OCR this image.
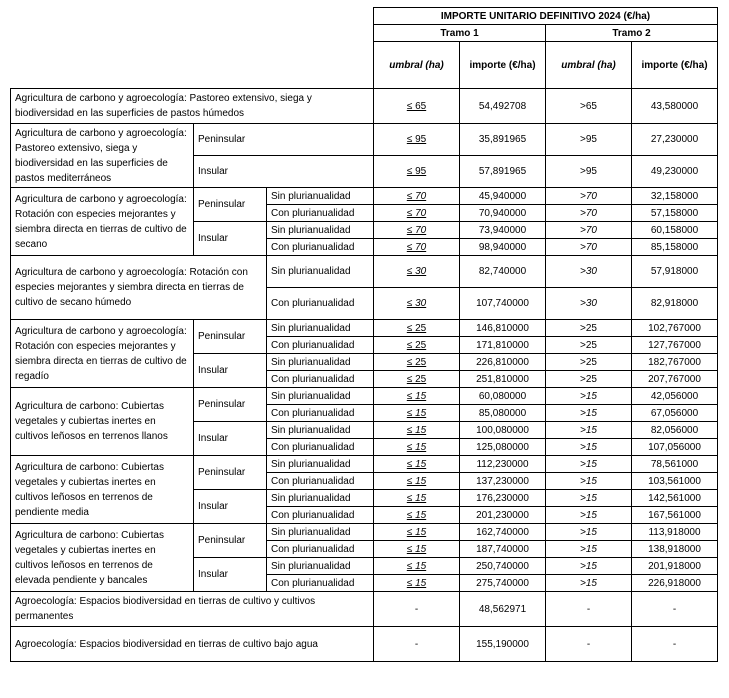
			IMPORTE UNITARIO DEFINITIVO 2024 (€/ha)			
			Tramo 1		Tramo 2	
			umbral (ha)	importe (€/ha)	umbral (ha)	importe (€/ha)
Agricultura de carbono y agroecología: Pastoreo extensivo, siega y biodiversidad en las superficies de pastos húmedos			≤ 65	54,492708	>65	43,580000
Agricultura de carbono y agroecología: Pastoreo extensivo, siega y biodiversidad en las superficies de pastos mediterráneos	Peninsular		≤ 95	35,891965	>95	27,230000
	Insular		≤ 95	57,891965	>95	49,230000
Agricultura de carbono y agroecología: Rotación con especies mejorantes y siembra directa en tierras de cultivo de secano	Peninsular	Sin plurianualidad	≤ 70	45,940000	>70	32,158000
		Con plurianualidad	≤ 70	70,940000	>70	57,158000
	Insular	Sin plurianualidad	≤ 70	73,940000	>70	60,158000
		Con plurianualidad	≤ 70	98,940000	>70	85,158000
Agricultura de carbono y agroecología: Rotación con especies mejorantes y siembra directa en tierras de cultivo de secano húmedo		Sin plurianualidad	≤ 30	82,740000	>30	57,918000
		Con plurianualidad	≤ 30	107,740000	>30	82,918000
Agricultura de carbono y agroecología: Rotación con especies mejorantes y siembra directa en tierras de cultivo de regadío	Peninsular	Sin plurianualidad	≤ 25	146,810000	>25	102,767000
		Con plurianualidad	≤ 25	171,810000	>25	127,767000
	Insular	Sin plurianualidad	≤ 25	226,810000	>25	182,767000
		Con plurianualidad	≤ 25	251,810000	>25	207,767000
Agricultura de carbono: Cubiertas vegetales y cubiertas inertes en cultivos leñosos en terrenos llanos	Peninsular	Sin plurianualidad	≤ 15	60,080000	>15	42,056000
		Con plurianualidad	≤ 15	85,080000	>15	67,056000
	Insular	Sin plurianualidad	≤ 15	100,080000	>15	82,056000
		Con plurianualidad	≤ 15	125,080000	>15	107,056000
Agricultura de carbono: Cubiertas vegetales y cubiertas inertes en cultivos leñosos en terrenos de pendiente media	Peninsular	Sin plurianualidad	≤ 15	112,230000	>15	78,561000
		Con plurianualidad	≤ 15	137,230000	>15	103,561000
	Insular	Sin plurianualidad	≤ 15	176,230000	>15	142,561000
		Con plurianualidad	≤ 15	201,230000	>15	167,561000
Agricultura de carbono: Cubiertas vegetales y cubiertas inertes en cultivos leñosos en terrenos de elevada pendiente y bancales	Peninsular	Sin plurianualidad	≤ 15	162,740000	>15	113,918000
		Con plurianualidad	≤ 15	187,740000	>15	138,918000
	Insular	Sin plurianualidad	≤ 15	250,740000	>15	201,918000
		Con plurianualidad	≤ 15	275,740000	>15	226,918000
Agroecología: Espacios biodiversidad en tierras de cultivo y cultivos permanentes			-	48,562971	-	-
Agroecología: Espacios biodiversidad en tierras de cultivo bajo agua			-	155,190000	-	-
